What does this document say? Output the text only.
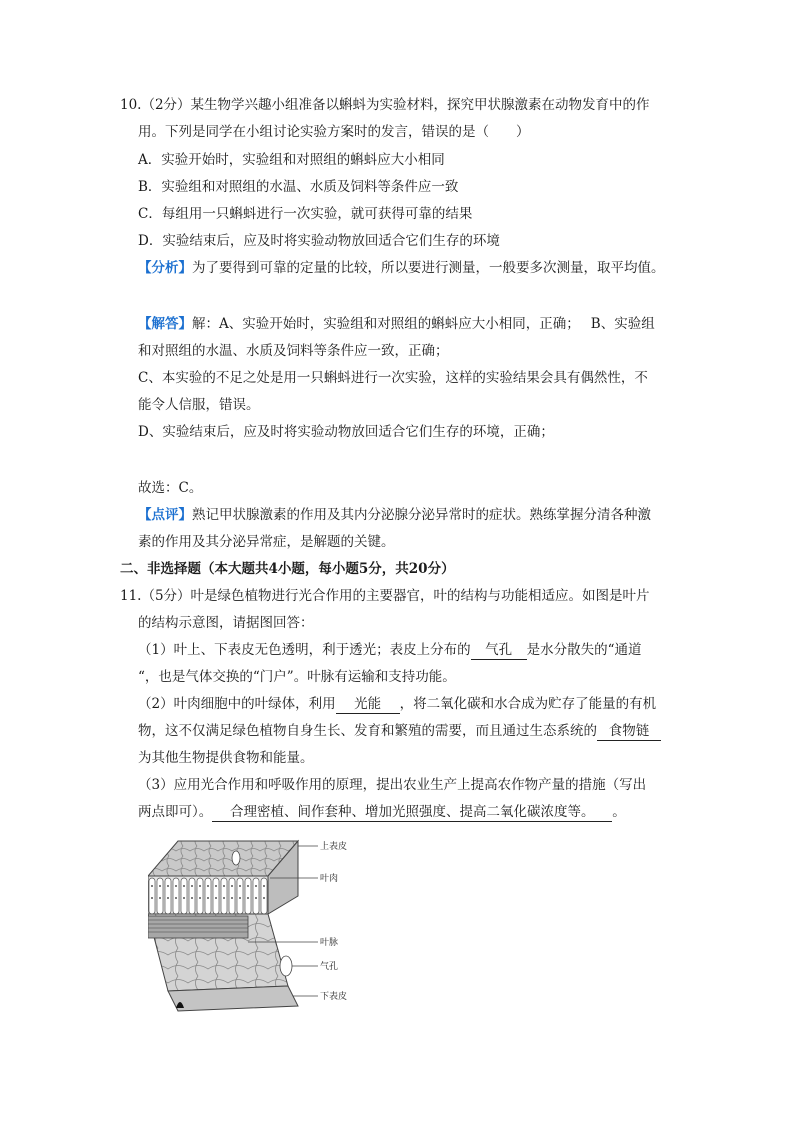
10.（2分）某生物学兴趣小组准备以蝌蚪为实验材料，探究甲状腺激素在动物发育中的作
用。下列是同学在小组讨论实验方案时的发言，错误的是（　　）
A．实验开始时，实验组和对照组的蝌蚪应大小相同
B．实验组和对照组的水温、水质及饲料等条件应一致
C．每组用一只蝌蚪进行一次实验，就可获得可靠的结果
D．实验结束后，应及时将实验动物放回适合它们生存的环境
【分析】为了要得到可靠的定量的比较，所以要进行测量，一般要多次测量，取平均值。
【解答】解：A、实验开始时，实验组和对照组的蝌蚪应大小相同，正确；　 B、实验组
和对照组的水温、水质及饲料等条件应一致，正确；
C、本实验的不足之处是用一只蝌蚪进行一次实验，这样的实验结果会具有偶然性，不
能令人信服，错误。
D、实验结束后，应及时将实验动物放回适合它们生存的环境，正确；
故选：C。
【点评】熟记甲状腺激素的作用及其内分泌腺分泌异常时的症状。熟练掌握分清各种激
素的作用及其分泌异常症，是解题的关键。
二、非选择题（本大题共4小题，每小题5分，共20分）
11.（5分）叶是绿色植物进行光合作用的主要器官，叶的结构与功能相适应。如图是叶片
的结构示意图，请据图回答：
（1）叶上、下表皮无色透明，利于透光；表皮上分布的 气孔 是水分散失的“通道
“，也是气体交换的“门户”。叶脉有运输和支持功能。
（2）叶肉细胞中的叶绿体，利用 光能 ，将二氧化碳和水合成为贮存了能量的有机
物，这不仅满足绿色植物自身生长、发育和繁殖的需要，而且通过生态系统的 食物链
为其他生物提供食物和能量。
（3）应用光合作用和呼吸作用的原理，提出农业生产上提高农作物产量的措施（写出
两点即可）。 合理密植、间作套种、增加光照强度、提高二氧化碳浓度等。 。
上表皮
叶肉
叶脉
气孔
下表皮
